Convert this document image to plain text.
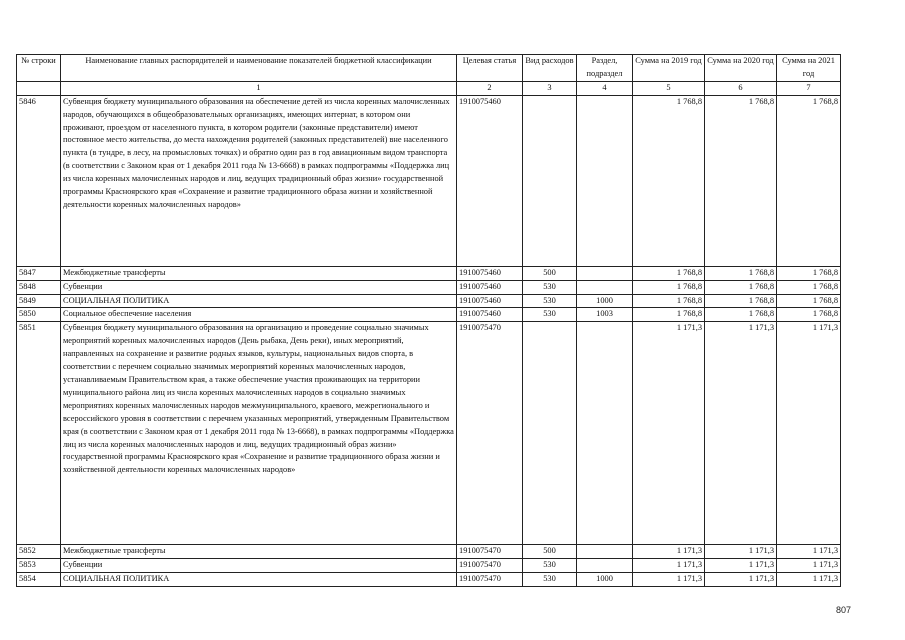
№ строки	Наименование главных распорядителей и наименование показателей бюджетной классификации	Целевая статья	Вид расходов	Раздел, подраздел	Сумма на 2019 год	Сумма на 2020 год	Сумма на 2021 год
	1	2	3	4	5	6	7
5846	Субвенция бюджету муниципального образования на обеспечение детей из числа коренных малочисленных народов, обучающихся в общеобразовательных организациях, имеющих интернат, в котором они проживают, проездом от населенного пункта, в котором родители (законные представители) имеют постоянное место жительства, до места нахождения родителей (законных представителей) вне населенного пункта (в тундре, в лесу, на промысловых точках) и обратно один раз в год авиационным видом транспорта (в соответствии с Законом края от 1 декабря 2011 года № 13-6668) в рамках подпрограммы «Поддержка лиц из числа коренных малочисленных народов и лиц, ведущих традиционный образ жизни» государственной программы Красноярского края «Сохранение и развитие традиционного образа жизни и хозяйственной деятельности коренных малочисленных народов»	1910075460			1 768,8	1 768,8	1 768,8
5847	Межбюджетные трансферты	1910075460	500		1 768,8	1 768,8	1 768,8
5848	Субвенции	1910075460	530		1 768,8	1 768,8	1 768,8
5849	СОЦИАЛЬНАЯ ПОЛИТИКА	1910075460	530	1000	1 768,8	1 768,8	1 768,8
5850	Социальное обеспечение населения	1910075460	530	1003	1 768,8	1 768,8	1 768,8
5851	Субвенция бюджету муниципального образования на организацию и проведение социально значимых мероприятий коренных малочисленных народов (День рыбака, День реки), иных мероприятий, направленных на сохранение и развитие родных языков, культуры, национальных видов спорта, в соответствии с перечнем социально значимых мероприятий коренных малочисленных народов, устанавливаемым Правительством края, а также обеспечение участия проживающих на территории муниципального района лиц из числа коренных малочисленных народов в социально значимых мероприятиях коренных малочисленных народов межмуниципального, краевого, межрегионального и всероссийского уровня в соответствии с перечнем указанных мероприятий, утвержденным Правительством края (в соответствии с Законом края от 1 декабря 2011 года № 13-6668), в рамках подпрограммы «Поддержка лиц из числа коренных малочисленных народов и лиц, ведущих традиционный образ жизни» государственной программы Красноярского края «Сохранение и развитие традиционного образа жизни и хозяйственной деятельности коренных малочисленных народов»	1910075470			1 171,3	1 171,3	1 171,3
5852	Межбюджетные трансферты	1910075470	500		1 171,3	1 171,3	1 171,3
5853	Субвенции	1910075470	530		1 171,3	1 171,3	1 171,3
5854	СОЦИАЛЬНАЯ ПОЛИТИКА	1910075470	530	1000	1 171,3	1 171,3	1 171,3
807
